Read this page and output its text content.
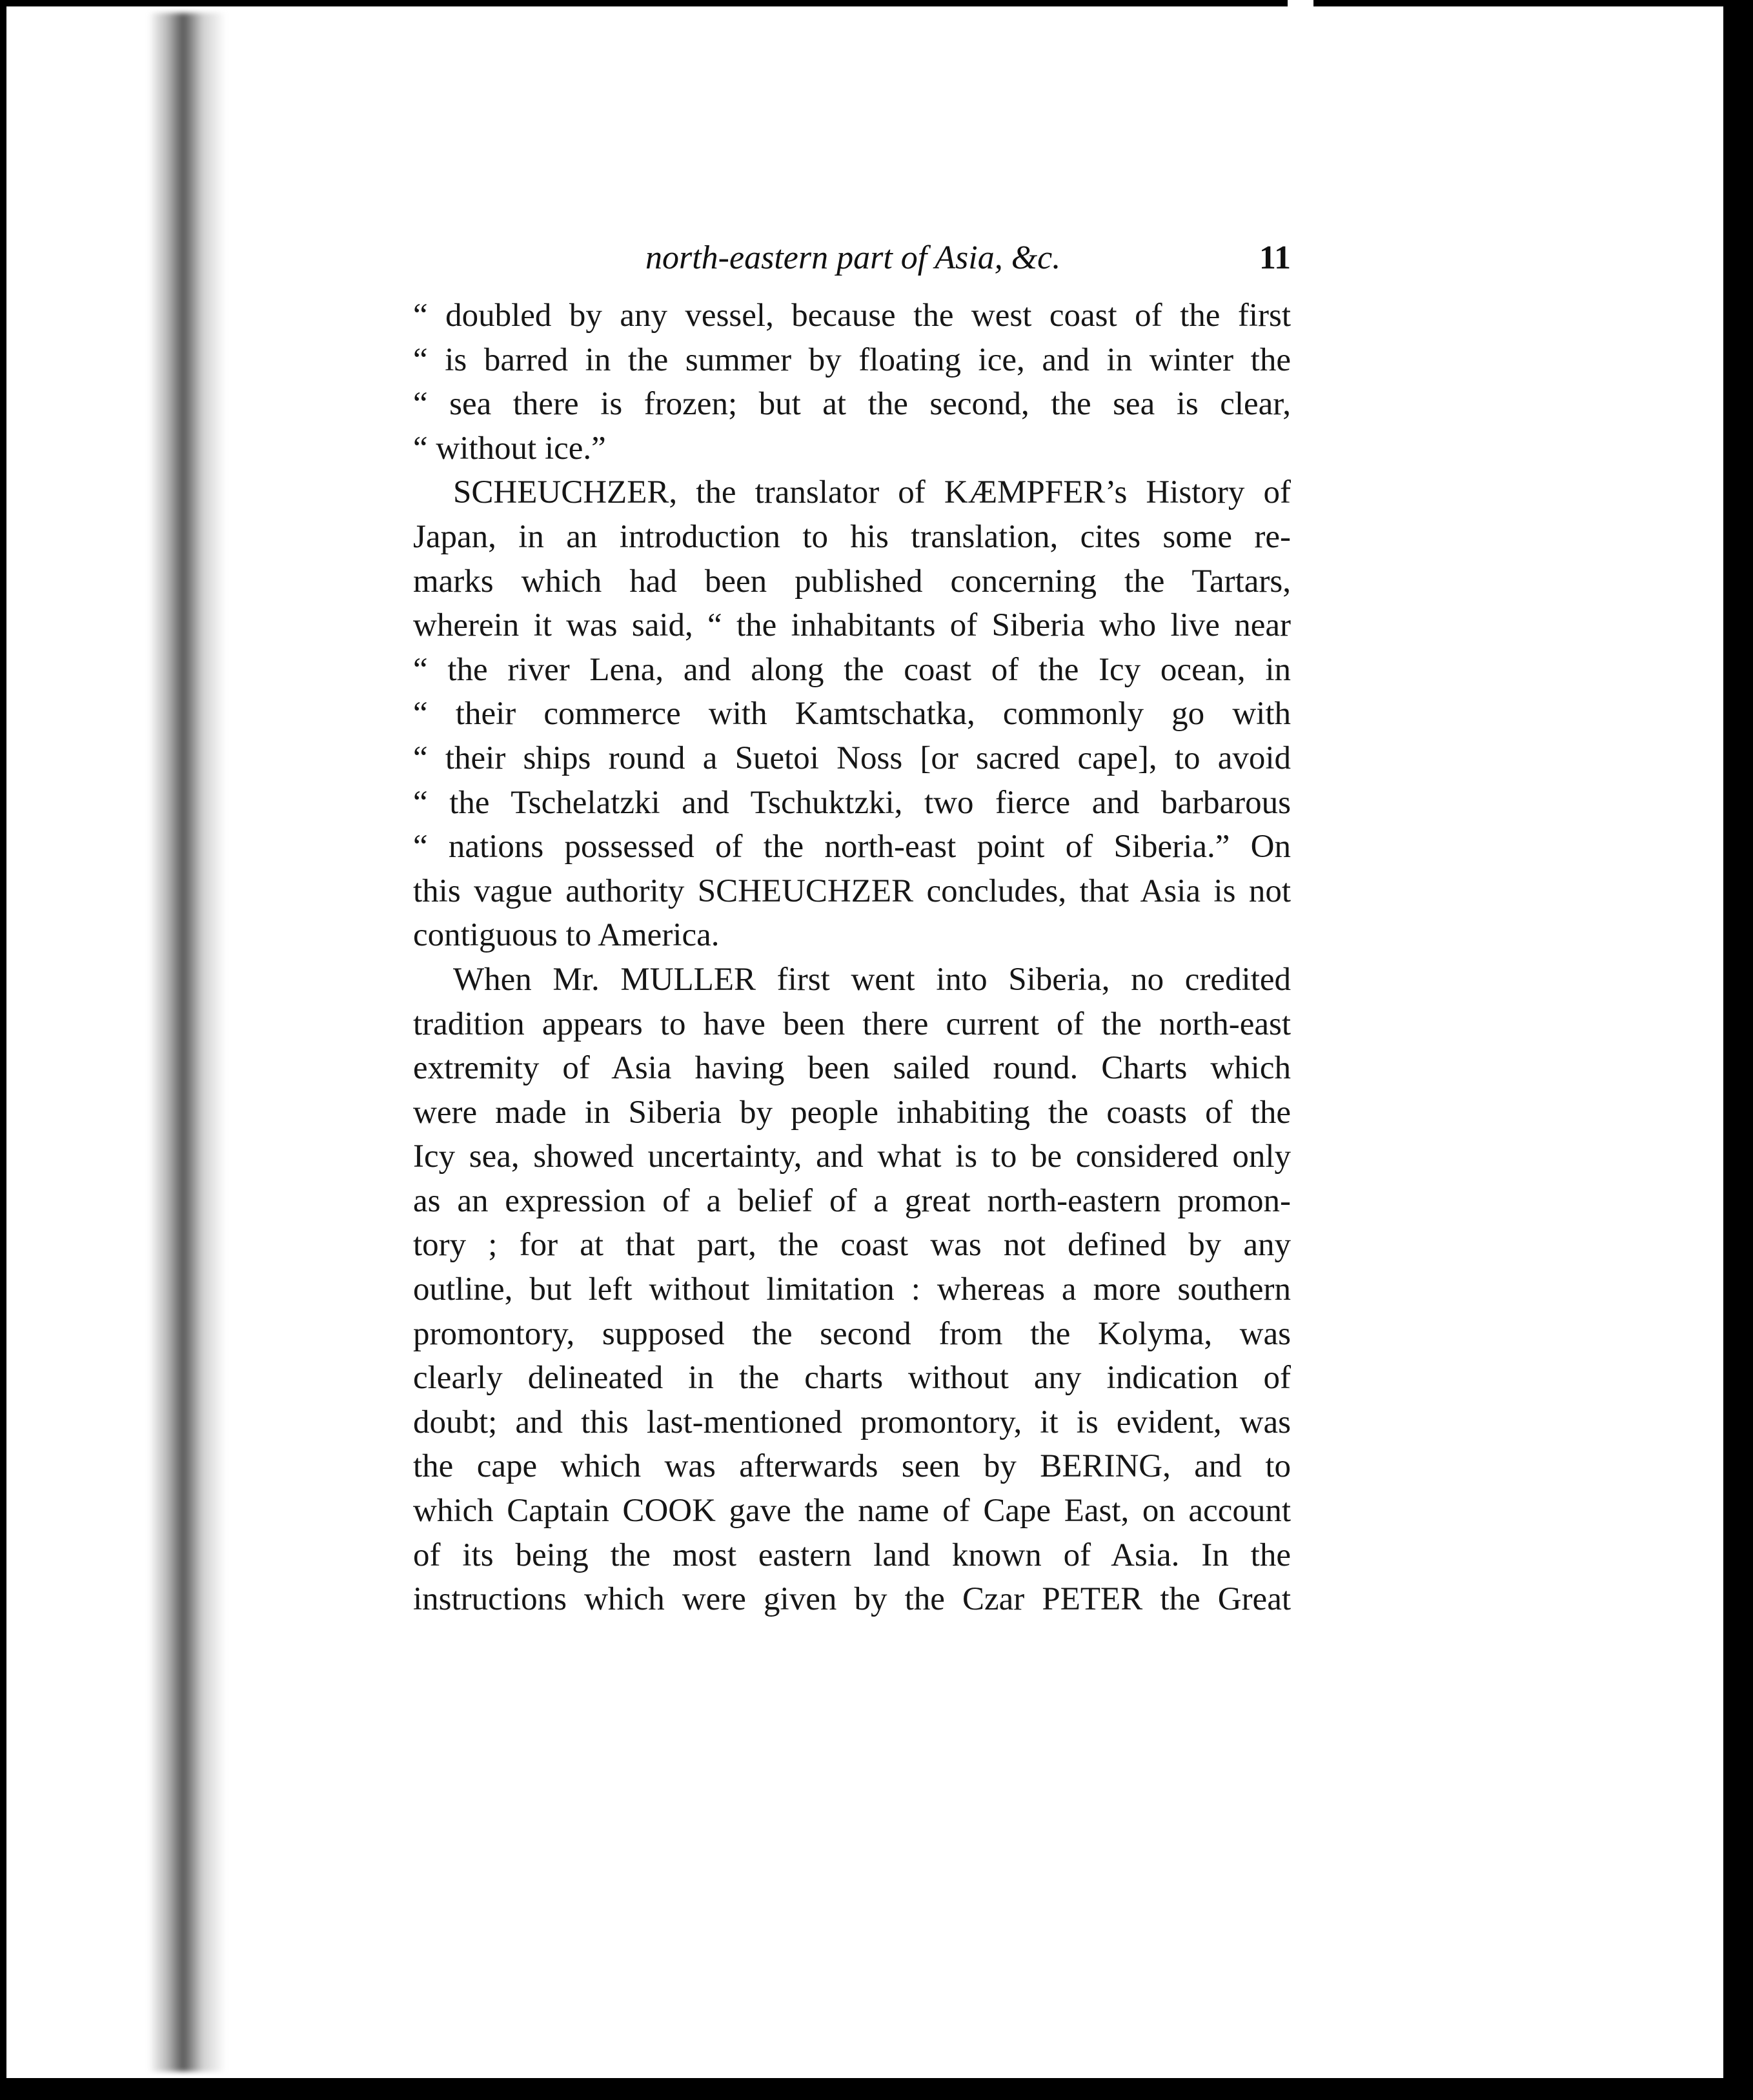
north-eastern part of Asia, &c.	11
“ doubled by any vessel, because the west coast of the first
“ is barred in the summer by floating ice, and in winter the
“ sea there is frozen; but at the second, the sea is clear,
“ without ice.”
SCHEUCHZER, the translator of KÆMPFER’s History of
Japan, in an introduction to his translation, cites some re-
marks which had been published concerning the Tartars,
wherein it was said, “ the inhabitants of Siberia who live near
“ the river Lena, and along the coast of the Icy ocean, in
“ their commerce with Kamtschatka, commonly go with
“ their ships round a Suetoi Noss [or sacred cape], to avoid
“ the Tschelatzki and Tschuktzki, two fierce and barbarous
“ nations possessed of the north-east point of Siberia.” On
this vague authority SCHEUCHZER concludes, that Asia is not
contiguous to America.
When Mr. MULLER first went into Siberia, no credited
tradition appears to have been there current of the north-east
extremity of Asia having been sailed round. Charts which
were made in Siberia by people inhabiting the coasts of the
Icy sea, showed uncertainty, and what is to be considered only
as an expression of a belief of a great north-eastern promon-
tory ; for at that part, the coast was not defined by any
outline, but left without limitation : whereas a more southern
promontory, supposed the second from the Kolyma, was
clearly delineated in the charts without any indication of
doubt; and this last-mentioned promontory, it is evident, was
the cape which was afterwards seen by BERING, and to
which Captain COOK gave the name of Cape East, on account
of its being the most eastern land known of Asia. In the
instructions which were given by the Czar PETER the Great
